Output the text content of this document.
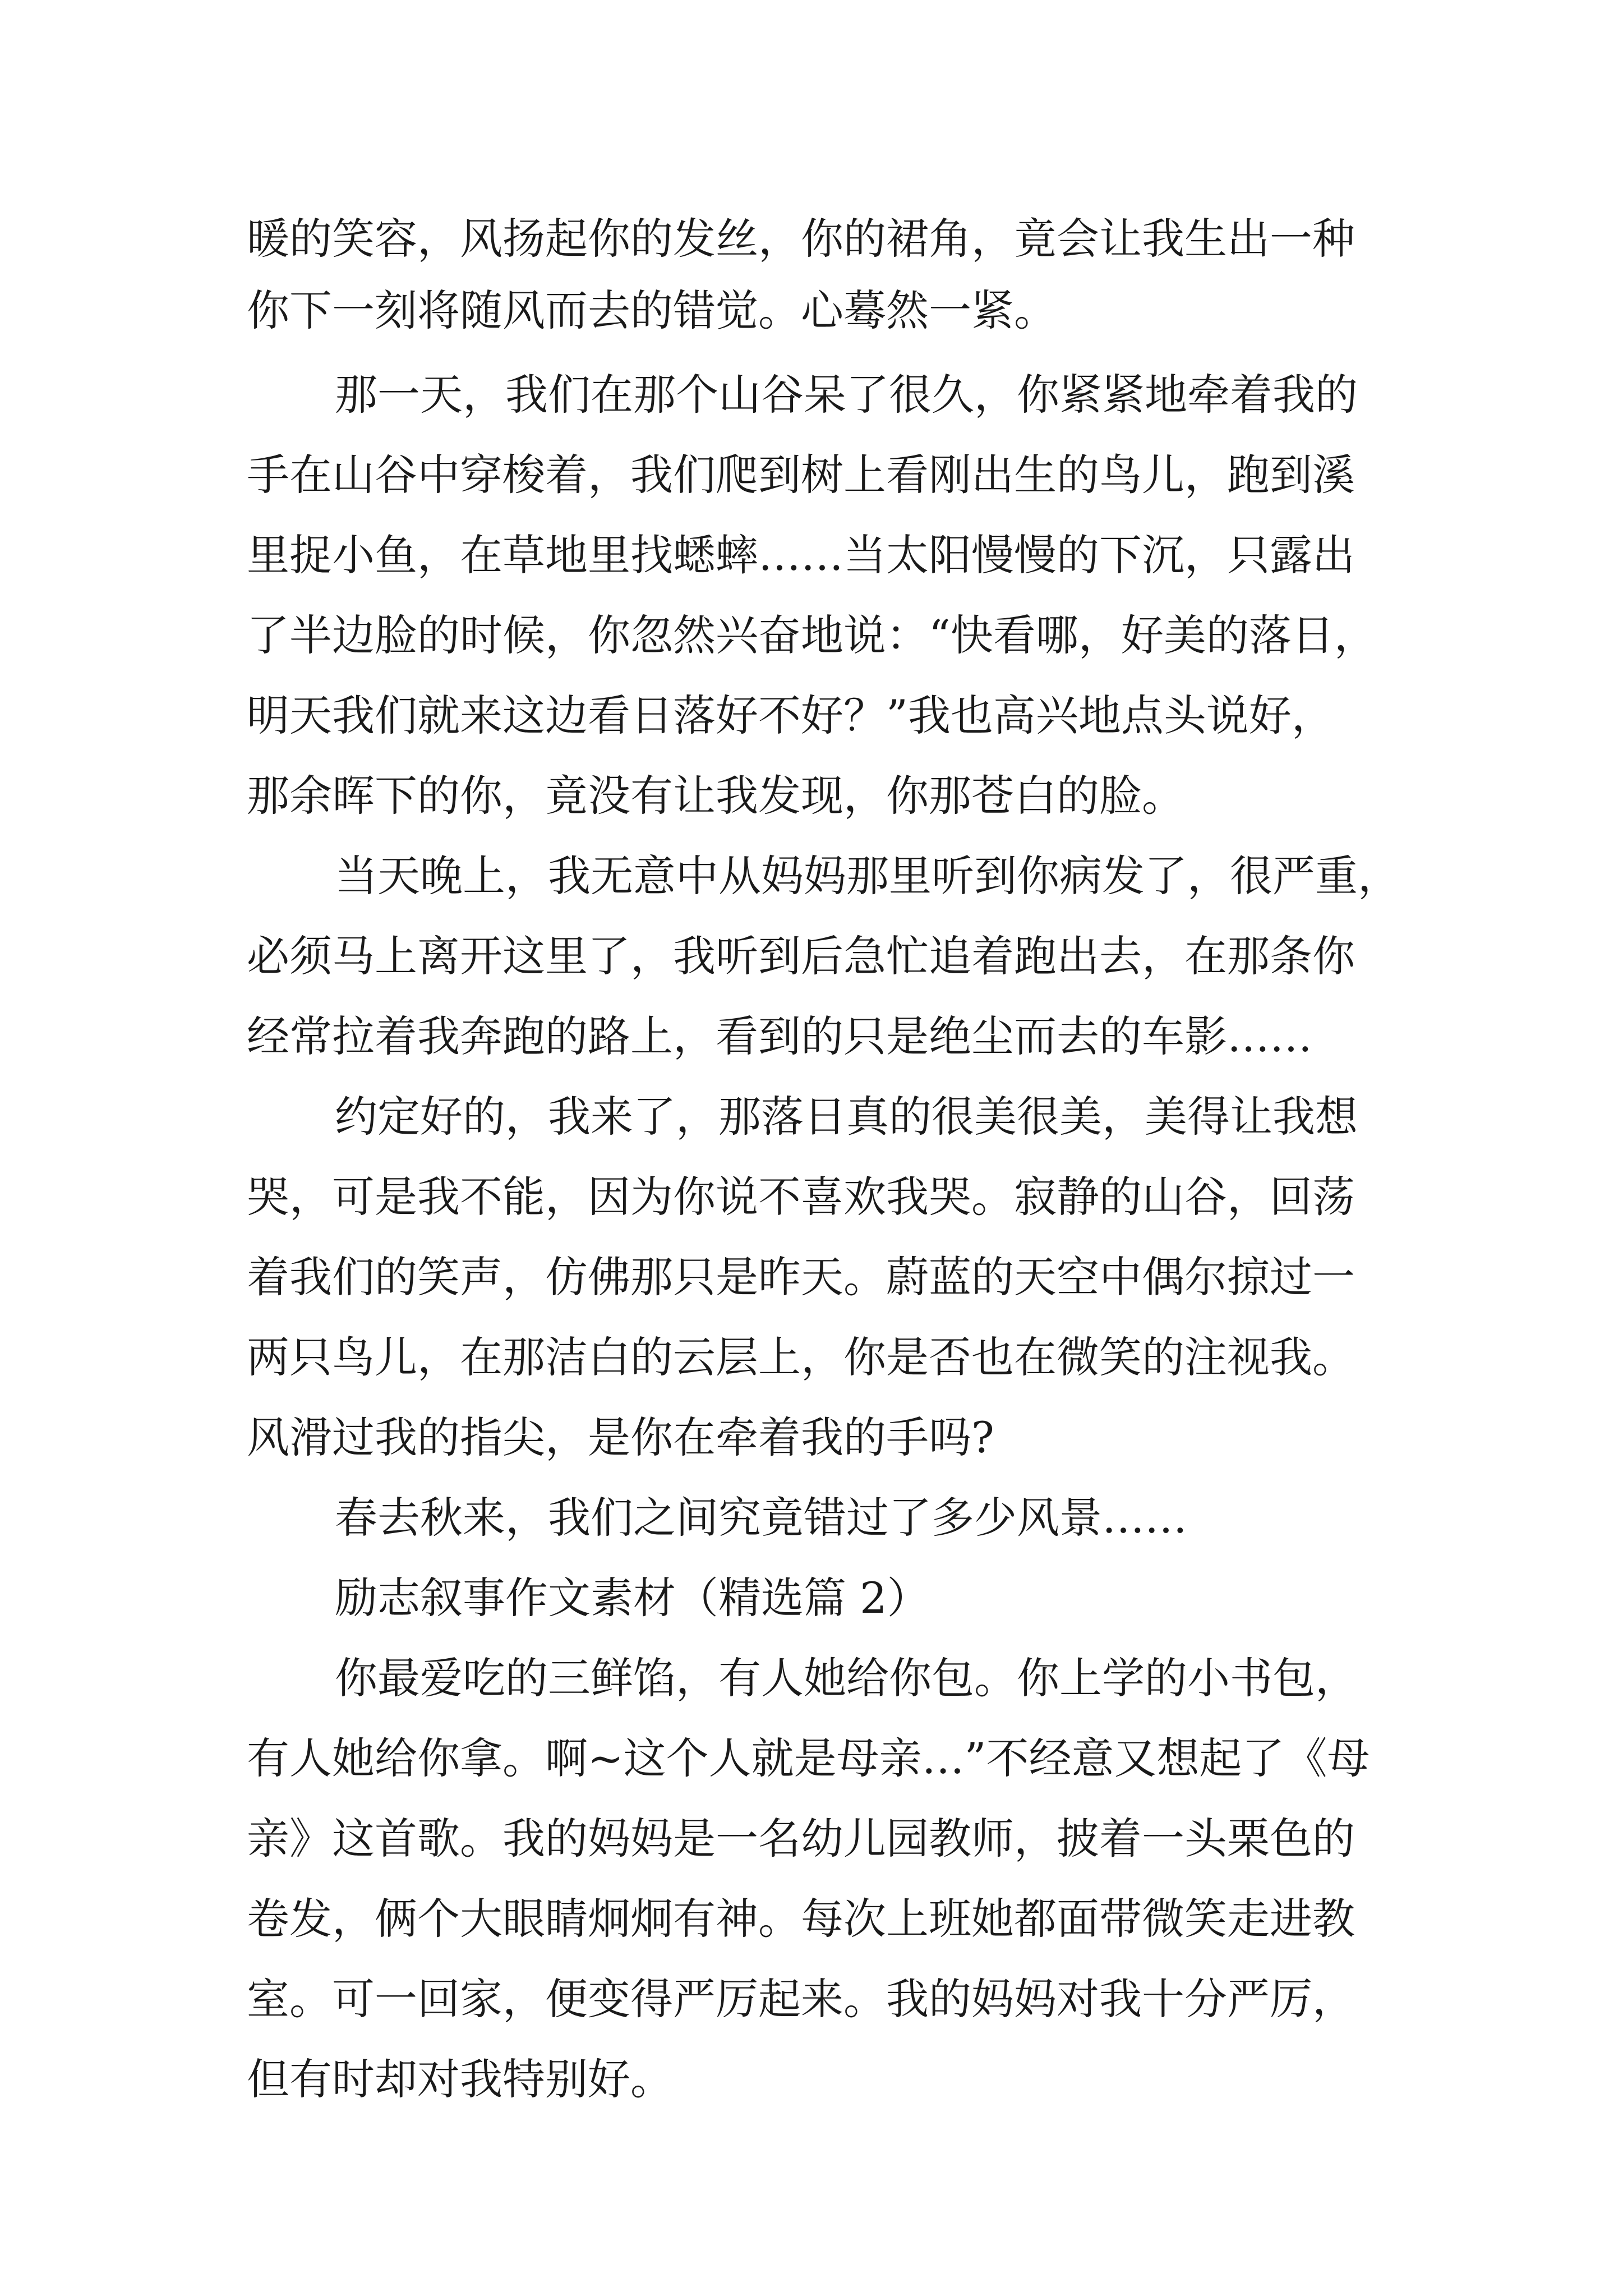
暖的笑容，风扬起你的发丝，你的裙角，竟会让我生出一种

你下一刻将随风而去的错觉。心蓦然一紧。

那一天，我们在那个山谷呆了很久，你紧紧地牵着我的

手在山谷中穿梭着，我们爬到树上看刚出生的鸟儿，跑到溪

里捉小鱼，在草地里找蟋蟀……当太阳慢慢的下沉，只露出

了半边脸的时候，你忽然兴奋地说：“快看哪，好美的落日，

明天我们就来这边看日落好不好？”我也高兴地点头说好，

那余晖下的你，竟没有让我发现，你那苍白的脸。

当天晚上，我无意中从妈妈那里听到你病发了，很严重，

必须马上离开这里了，我听到后急忙追着跑出去，在那条你

经常拉着我奔跑的路上，看到的只是绝尘而去的车影……

约定好的，我来了，那落日真的很美很美，美得让我想

哭，可是我不能，因为你说不喜欢我哭。寂静的山谷，回荡

着我们的笑声，仿佛那只是昨天。蔚蓝的天空中偶尔掠过一

两只鸟儿，在那洁白的云层上，你是否也在微笑的注视我。

风滑过我的指尖，是你在牵着我的手吗?

春去秋来，我们之间究竟错过了多少风景……

励志叙事作文素材（精选篇 2）

你最爱吃的三鲜馅，有人她给你包。你上学的小书包，

有人她给你拿。啊~这个人就是母亲…”不经意又想起了《母

亲》这首歌。我的妈妈是一名幼儿园教师，披着一头栗色的

卷发，俩个大眼睛炯炯有神。每次上班她都面带微笑走进教

室。可一回家，便变得严厉起来。我的妈妈对我十分严厉，

但有时却对我特别好。
